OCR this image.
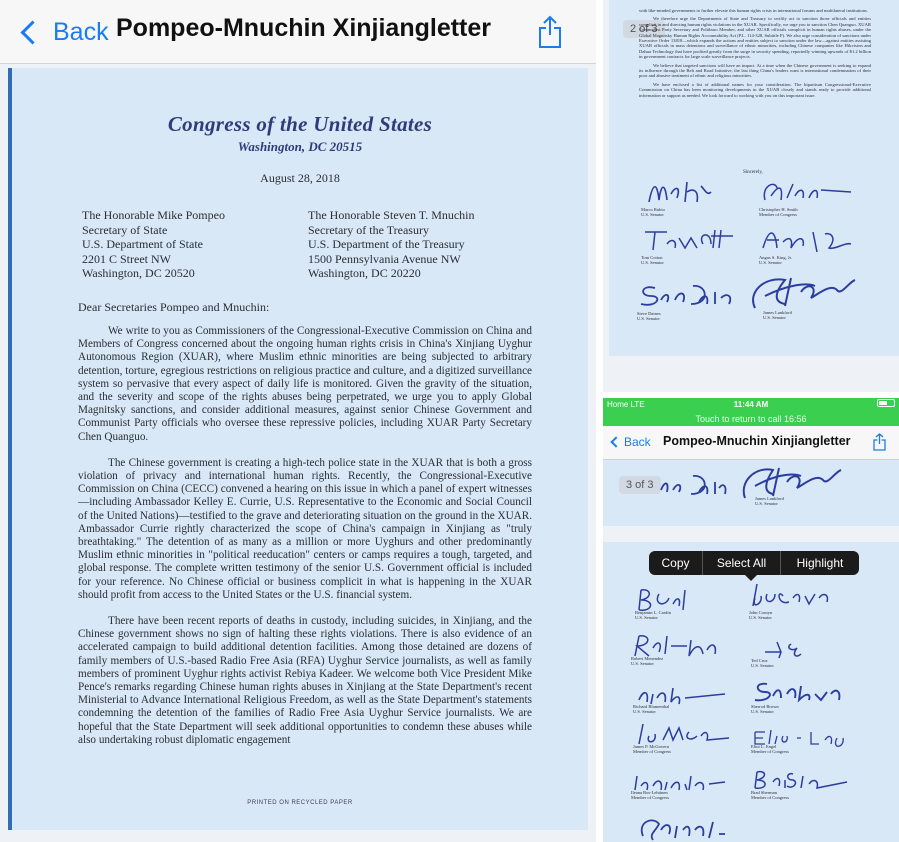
Back Pompeo-Mnuchin Xinjiangletter
Congress of the United States
Washington, DC 20515
August 28, 2018
The Honorable Mike Pompeo
Secretary of State
U.S. Department of State
2201 C Street NW
Washington, DC 20520
The Honorable Steven T. Mnuchin
Secretary of the Treasury
U.S. Department of the Treasury
1500 Pennsylvania Avenue NW
Washington, DC 20220
Dear Secretaries Pompeo and Mnuchin:

We write to you as Commissioners of the Congressional-Executive Commission on China and Members of Congress concerned about the ongoing human rights crisis in China's Xinjiang Uyghur Autonomous Region (XUAR), where Muslim ethnic minorities are being subjected to arbitrary detention, torture, egregious restrictions on religious practice and culture, and a digitized surveillance system so pervasive that every aspect of daily life is monitored. Given the gravity of the situation, and the severity and scope of the rights abuses being perpetrated, we urge you to apply Global Magnitsky sanctions, and consider additional measures, against senior Chinese Government and Communist Party officials who oversee these repressive policies, including XUAR Party Secretary Chen Quanguo.

The Chinese government is creating a high-tech police state in the XUAR that is both a gross violation of privacy and international human rights. Recently, the Congressional-Executive Commission on China (CECC) convened a hearing on this issue in which a panel of expert witnesses—including Ambassador Kelley E. Currie, U.S. Representative to the Economic and Social Council of the United Nations)—testified to the grave and deteriorating situation on the ground in the XUAR. Ambassador Currie rightly characterized the scope of China's campaign in Xinjiang as "truly breathtaking." The detention of as many as a million or more Uyghurs and other predominantly Muslim ethnic minorities in "political reeducation" centers or camps requires a tough, targeted, and global response. The complete written testimony of the senior U.S. Government official is included for your reference. No Chinese official or business complicit in what is happening in the XUAR should profit from access to the United States or the U.S. financial system.

There have been recent reports of deaths in custody, including suicides, in Xinjiang, and the Chinese government shows no sign of halting these rights violations. There is also evidence of an accelerated campaign to build additional detention facilities. Among those detained are dozens of family members of U.S.-based Radio Free Asia (RFA) Uyghur Service journalists, as well as family members of prominent Uyghur rights activist Rebiya Kadeer. We welcome both Vice President Mike Pence's remarks regarding Chinese human rights abuses in Xinjiang at the State Department's recent Ministerial to Advance International Religious Freedom, as well as the State Department's statements condemning the detention of the families of Radio Free Asia Uyghur Service journalists. We are hopeful that the State Department will seek additional opportunities to condemn these abuses while also undertaking robust diplomatic engagement

PRINTED ON RECYCLED PAPER
2 of 3

with like-minded governments to further elevate this human rights crisis in international forums and multilateral institutions.

We therefore urge the Departments of State and Treasury to swiftly act to sanction those officials and entities complicit in and directing human rights violations in the XUAR. Specifically, we urge you to sanction Chen Quanguo, XUAR Communist Party Secretary and Politburo Member, and other XUAR officials complicit in human rights abuses, under the Global Magnitsky Human Rights Accountability Act (P.L. 114-328, Subtitle F). We also urge consideration of sanctions under Executive Order 13818—which expands the actions and entities subject to sanction under the law—against entities assisting XUAR officials in mass detentions and surveillance of ethnic minorities, including Chinese companies like Hikvision and Dahua Technology that have profited greatly from the surge in security spending, reportedly winning upwards of $1.2 billion in government contracts for large scale surveillance projects.

We believe that targeted sanctions will have an impact. At a time when the Chinese government is seeking to expand its influence through the Belt and Road Initiative, the last thing China's leaders want is international condemnation of their poor and abusive treatment of ethnic and religious minorities.

We have enclosed a list of additional names for your consideration. The bipartisan Congressional-Executive Commission on China has been monitoring developments in the XUAR closely and stands ready to provide additional information or support as needed. We look forward to working with you on this important issue.

Sincerely,
Marco Rubio
U.S. Senator
Christopher H. Smith
Member of Congress
Tom Cotton
U.S. Senator
Angus S. King, Jr.
U.S. Senator
Steve Daines
U.S. Senator
James Lankford
U.S. Senator
Home LTE	11:44 AM
Touch to return to call 16:56
Back Pompeo-Mnuchin Xinjiangletter
3 of 3
James Lankford
U.S. Senator
Copy	Select All	Highlight
Benjamin L. Cardin
U.S. Senator
John Cornyn
U.S. Senator
Robert Menendez
U.S. Senator
Ted Cruz
U.S. Senator
Richard Blumenthal
U.S. Senator
Sherrod Brown
U.S. Senator
James P. McGovern
Member of Congress
Eliot L. Engel
Member of Congress
Ileana Ros-Lehtinen
Member of Congress
Brad Sherman
Member of Congress
